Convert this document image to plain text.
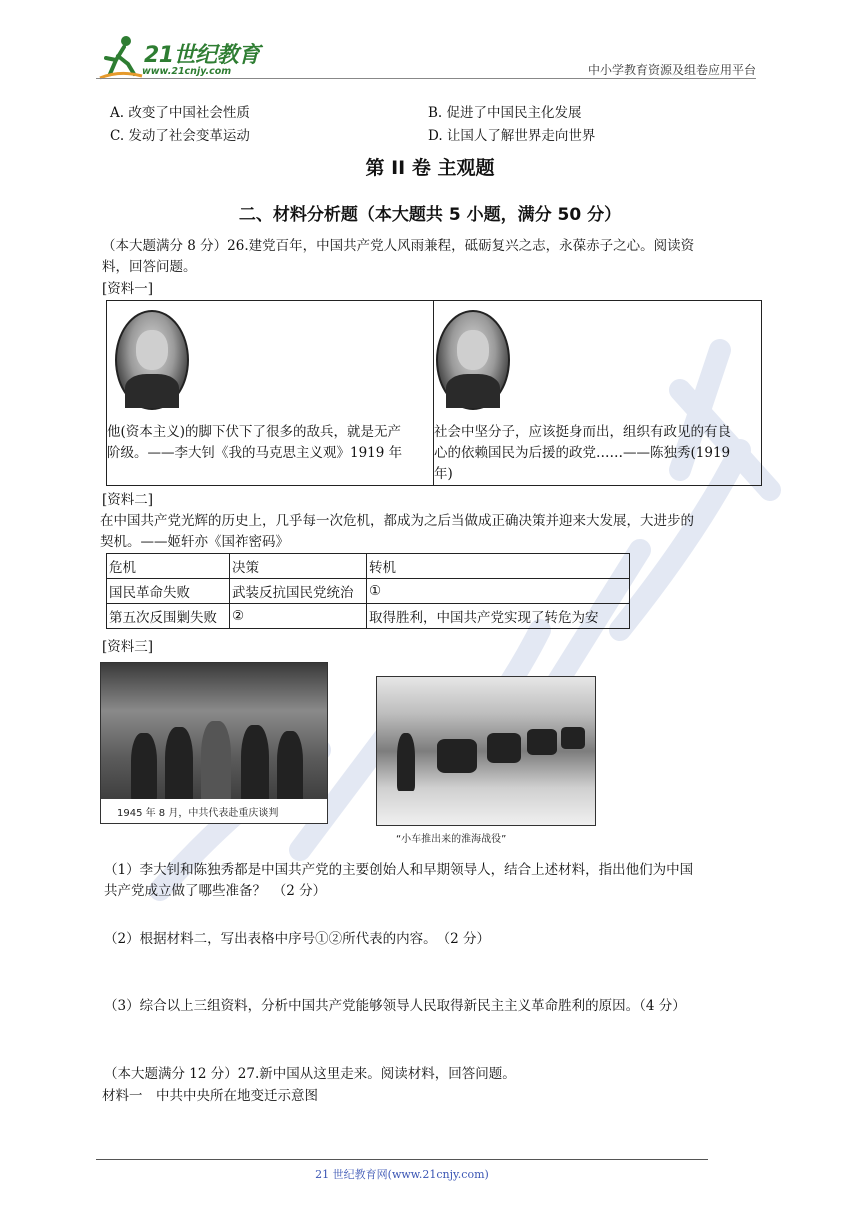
21世纪教育
www.21cnjy.com	中小学教育资源及组卷应用平台
A. 改变了中国社会性质	B. 促进了中国民主化发展
C. 发动了社会变革运动	D. 让国人了解世界走向世界
第 II 卷 主观题
二、材料分析题（本大题共 5 小题，满分 50 分）
（本大题满分 8 分）26.建党百年，中国共产党人风雨兼程，砥砺复兴之志，永葆赤子之心。阅读资
料，回答问题。
[资料一]
他(资本主义)的脚下伏下了很多的敌兵，就是无产
阶级。——李大钊《我的马克思主义观》1919 年

社会中坚分子，应该挺身而出，组织有政见的有良
心的依赖国民为后援的政党……——陈独秀(1919
年)
[资料二]
在中国共产党光辉的历史上，几乎每一次危机，都成为之后当做成正确决策并迎来大发展，大进步的
契机。——姬轩亦《国祚密码》
危机	决策	转机
国民革命失败	武装反抗国民党统治	①
第五次反围剿失败	②	取得胜利，中国共产党实现了转危为安
[资料三]
1945 年 8 月，中共代表赴重庆谈判
“小车推出来的淮海战役”
（1）李大钊和陈独秀都是中国共产党的主要创始人和早期领导人，结合上述材料，指出他们为中国
共产党成立做了哪些准备？　（2 分）
（2）根据材料二，写出表格中序号①②所代表的内容。　（2 分）
（3）综合以上三组资料，分析中国共产党能够领导人民取得新民主主义革命胜利的原因。（4 分）
（本大题满分 12 分）27.新中国从这里走来。阅读材料，回答问题。
材料一　中共中央所在地变迁示意图
21 世纪教育网(www.21cnjy.com)
